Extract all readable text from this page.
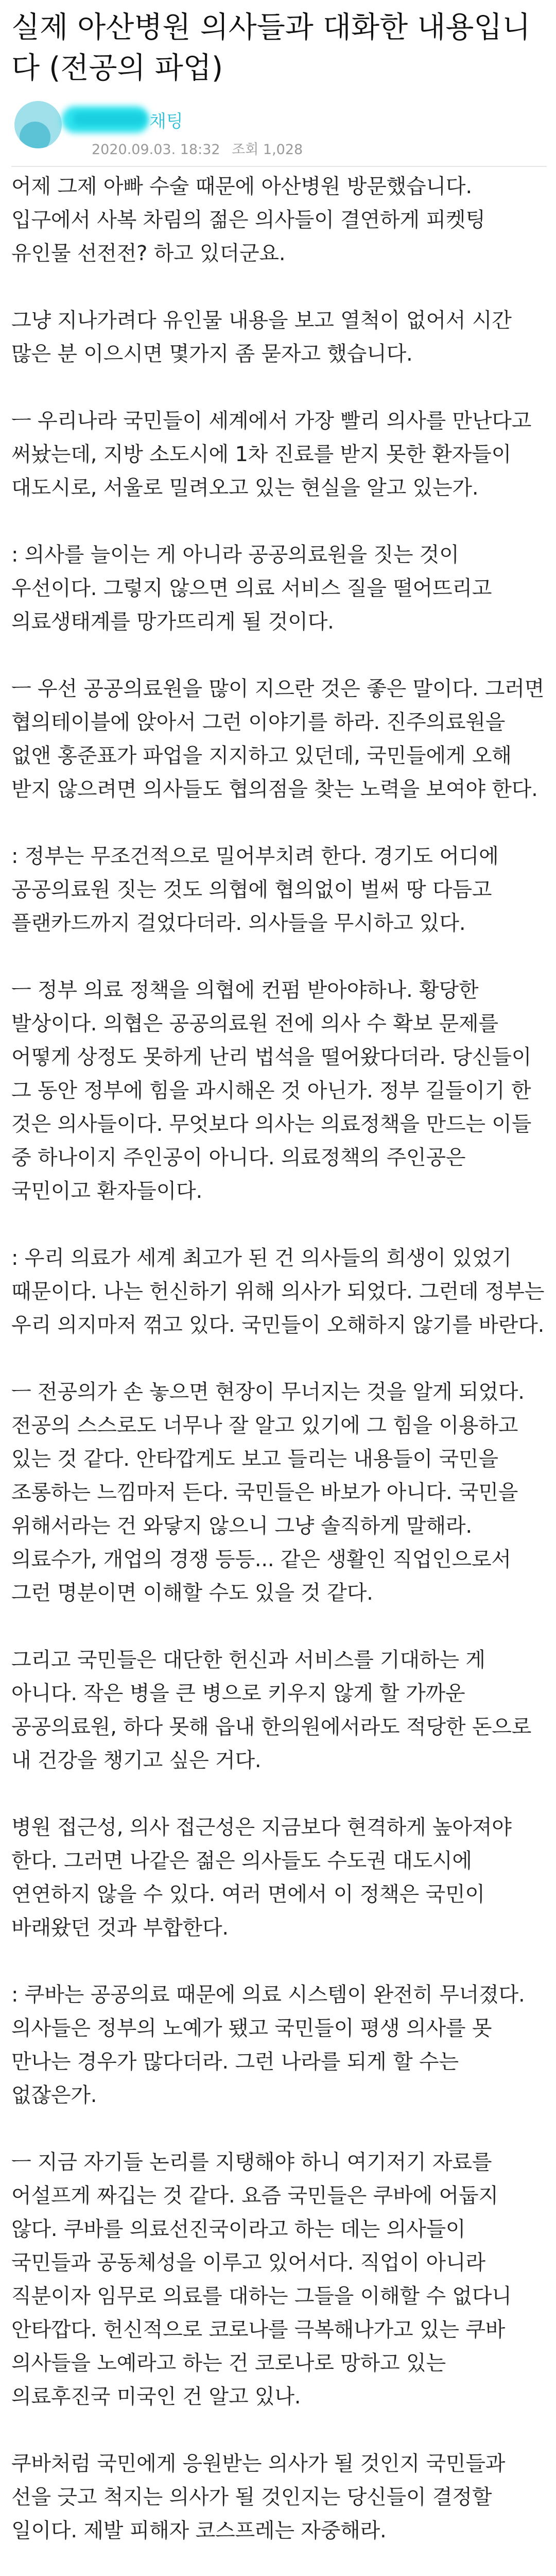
실제 아산병원 의사들과 대화한 내용입니다 (전공의 파업)
채팅
2020.09.03. 18:32 조회 1,028

어제 그제 아빠 수술 때문에 아산병원 방문했습니다. 입구에서 사복 차림의 젊은 의사들이 결연하게 피켓팅 유인물 선전전? 하고 있더군요.

그냥 지나가려다 유인물 내용을 보고 열척이 없어서 시간 많은 분 이으시면 몇가지 좀 묻자고 했습니다.

ㅡ 우리나라 국민들이 세계에서 가장 빨리 의사를 만난다고 써놨는데, 지방 소도시에 1차 진료를 받지 못한 환자들이 대도시로, 서울로 밀려오고 있는 현실을 알고 있는가.

: 의사를 늘이는 게 아니라 공공의료원을 짓는 것이 우선이다. 그렇지 않으면 의료 서비스 질을 떨어뜨리고 의료생태계를 망가뜨리게 될 것이다.

ㅡ 우선 공공의료원을 많이 지으란 것은 좋은 말이다. 그러면 협의테이블에 앉아서 그런 이야기를 하라. 진주의료원을 없앤 홍준표가 파업을 지지하고 있던데, 국민들에게 오해 받지 않으려면 의사들도 협의점을 찾는 노력을 보여야 한다.

: 정부는 무조건적으로 밀어부치려 한다. 경기도 어디에 공공의료원 짓는 것도 의협에 협의없이 벌써 땅 다듬고 플랜카드까지 걸었다더라. 의사들을 무시하고 있다.

ㅡ 정부 의료 정책을 의협에 컨펌 받아야하나. 황당한 발상이다. 의협은 공공의료원 전에 의사 수 확보 문제를 어떻게 상정도 못하게 난리 법석을 떨어왔다더라. 당신들이 그 동안 정부에 힘을 과시해온 것 아닌가. 정부 길들이기 한 것은 의사들이다. 무엇보다 의사는 의료정책을 만드는 이들 중 하나이지 주인공이 아니다. 의료정책의 주인공은 국민이고 환자들이다.

: 우리 의료가 세계 최고가 된 건 의사들의 희생이 있었기 때문이다. 나는 헌신하기 위해 의사가 되었다. 그런데 정부는 우리 의지마저 꺾고 있다. 국민들이 오해하지 않기를 바란다.

ㅡ 전공의가 손 놓으면 현장이 무너지는 것을 알게 되었다. 전공의 스스로도 너무나 잘 알고 있기에 그 힘을 이용하고 있는 것 같다. 안타깝게도 보고 들리는 내용들이 국민을 조롱하는 느낌마저 든다. 국민들은 바보가 아니다. 국민을 위해서라는 건 와닿지 않으니 그냥 솔직하게 말해라. 의료수가, 개업의 경쟁 등등... 같은 생활인 직업인으로서 그런 명분이면 이해할 수도 있을 것 같다.

그리고 국민들은 대단한 헌신과 서비스를 기대하는 게 아니다. 작은 병을 큰 병으로 키우지 않게 할 가까운 공공의료원, 하다 못해 읍내 한의원에서라도 적당한 돈으로 내 건강을 챙기고 싶은 거다.

병원 접근성, 의사 접근성은 지금보다 현격하게 높아져야 한다. 그러면 나같은 젊은 의사들도 수도권 대도시에 연연하지 않을 수 있다. 여러 면에서 이 정책은 국민이 바래왔던 것과 부합한다.

: 쿠바는 공공의료 때문에 의료 시스템이 완전히 무너졌다. 의사들은 정부의 노예가 됐고 국민들이 평생 의사를 못 만나는 경우가 많다더라. 그런 나라를 되게 할 수는 없잖은가.

ㅡ 지금 자기들 논리를 지탱해야 하니 여기저기 자료를 어설프게 짜깁는 것 같다. 요즘 국민들은 쿠바에 어둡지 않다. 쿠바를 의료선진국이라고 하는 데는 의사들이 국민들과 공동체성을 이루고 있어서다. 직업이 아니라 직분이자 임무로 의료를 대하는 그들을 이해할 수 없다니 안타깝다. 헌신적으로 코로나를 극복해나가고 있는 쿠바 의사들을 노예라고 하는 건 코로나로 망하고 있는 의료후진국 미국인 건 알고 있나.

쿠바처럼 국민에게 응원받는 의사가 될 것인지 국민들과 선을 긋고 척지는 의사가 될 것인지는 당신들이 결정할 일이다. 제발 피해자 코스프레는 자중해라.
